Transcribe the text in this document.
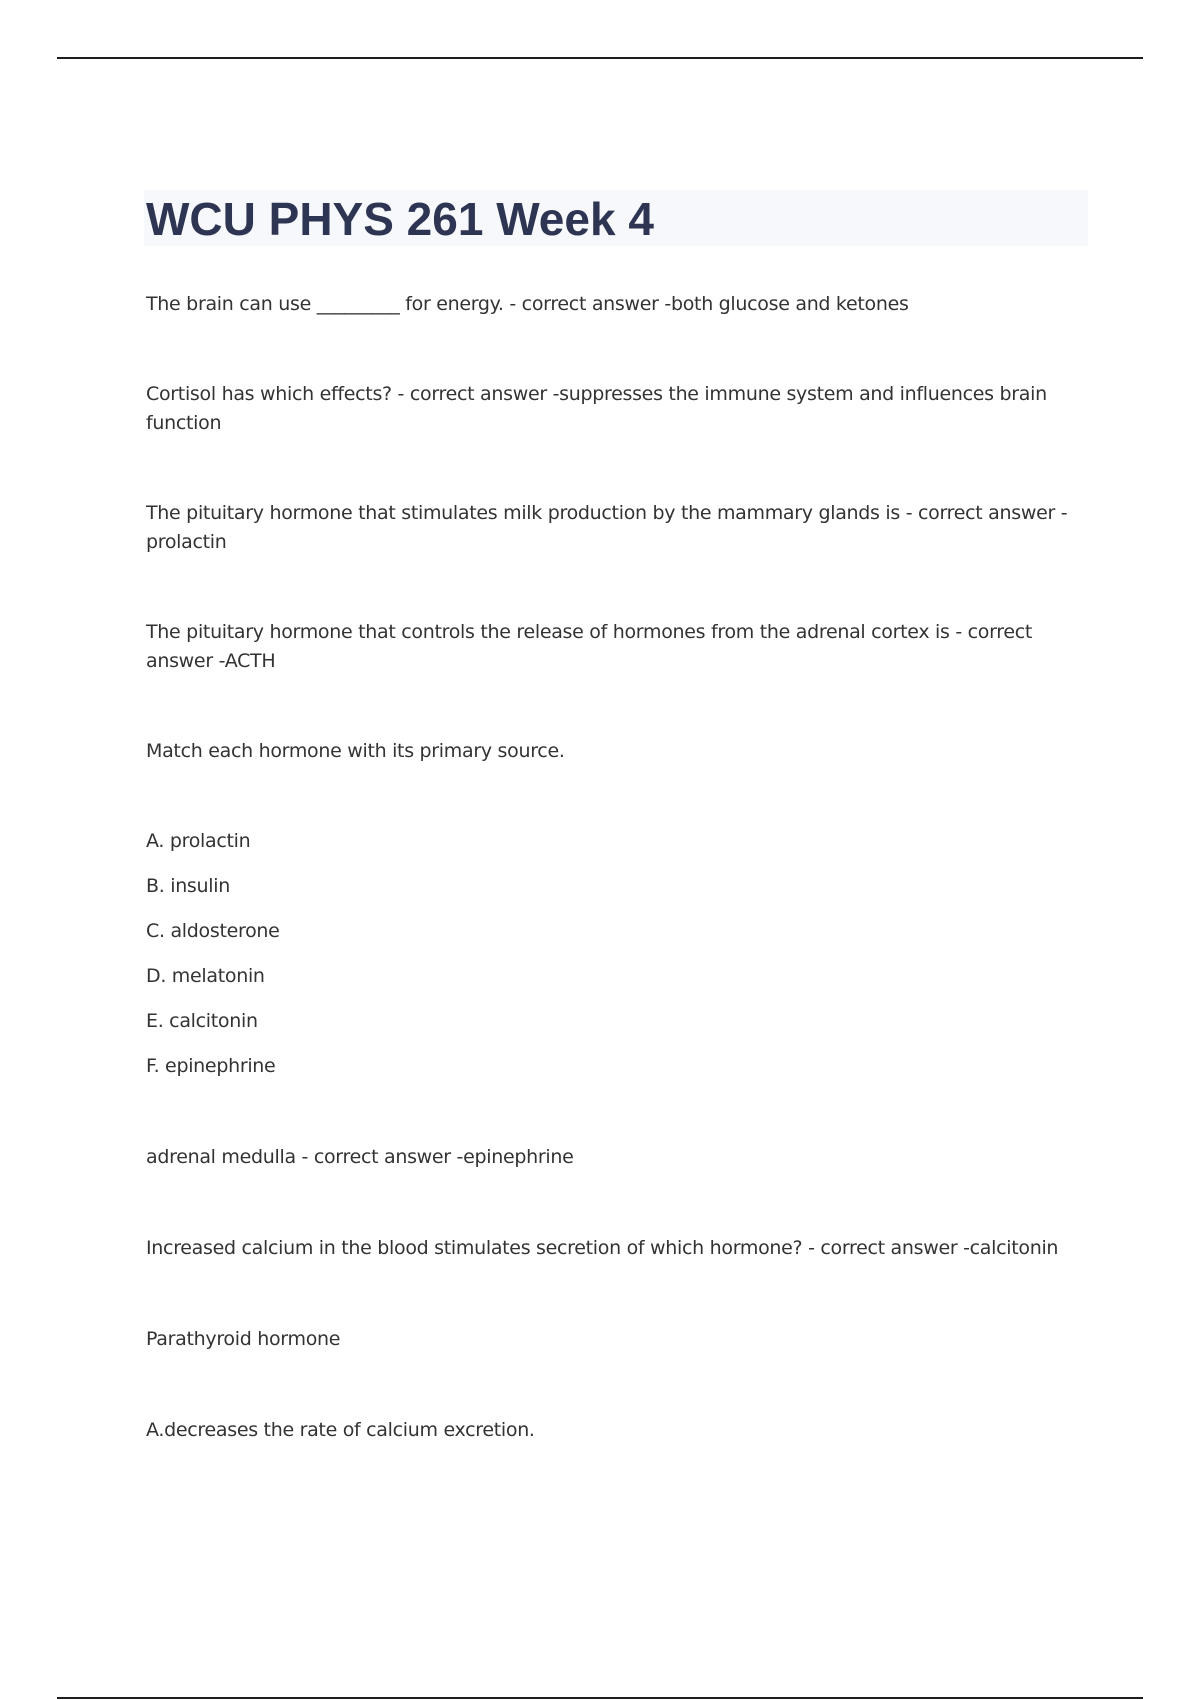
WCU PHYS 261 Week 4

The brain can use _________ for energy. - correct answer -both glucose and ketones

Cortisol has which effects? - correct answer -suppresses the immune system and influences brain function

The pituitary hormone that stimulates milk production by the mammary glands is - correct answer -prolactin

The pituitary hormone that controls the release of hormones from the adrenal cortex is - correct answer -ACTH

Match each hormone with its primary source.

A. prolactin

B. insulin

C. aldosterone

D. melatonin

E. calcitonin

F. epinephrine

adrenal medulla - correct answer -epinephrine

Increased calcium in the blood stimulates secretion of which hormone? - correct answer -calcitonin

Parathyroid hormone

A.decreases the rate of calcium excretion.
